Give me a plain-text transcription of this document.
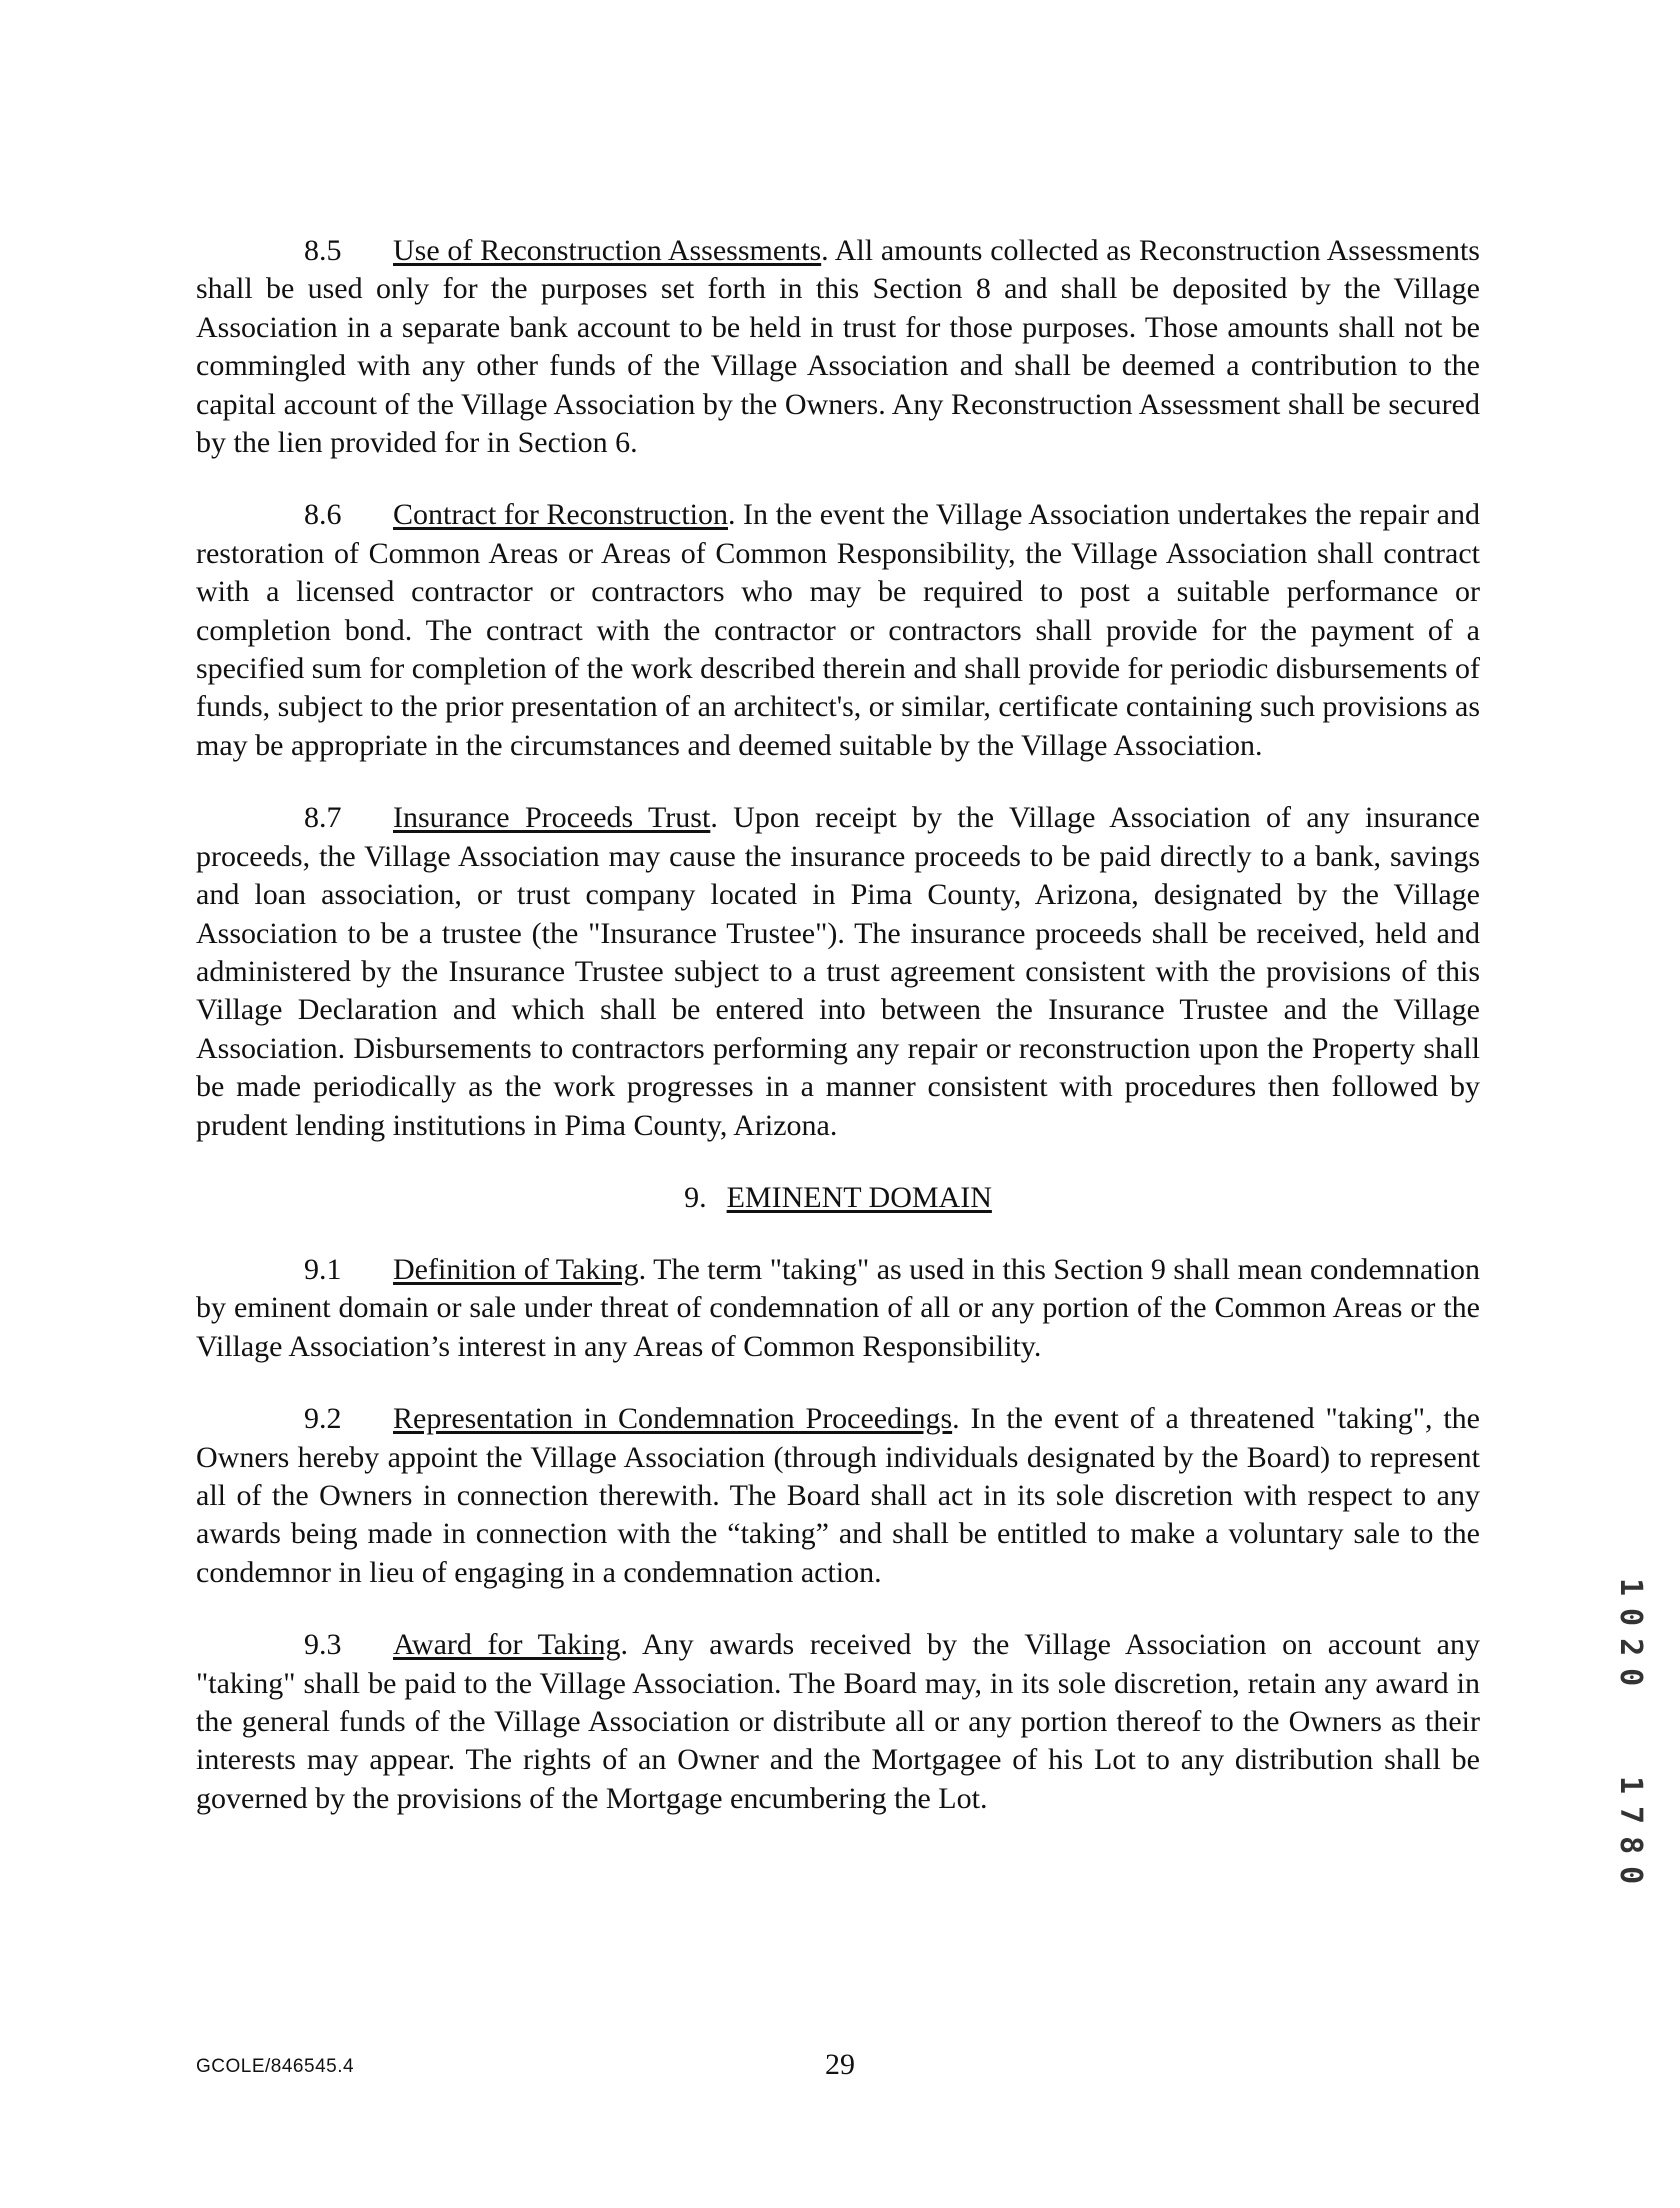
8.5 Use of Reconstruction Assessments. All amounts collected as Reconstruction Assessments shall be used only for the purposes set forth in this Section 8 and shall be deposited by the Village Association in a separate bank account to be held in trust for those purposes. Those amounts shall not be commingled with any other funds of the Village Association and shall be deemed a contribution to the capital account of the Village Association by the Owners. Any Reconstruction Assessment shall be secured by the lien provided for in Section 6.

8.6 Contract for Reconstruction. In the event the Village Association undertakes the repair and restoration of Common Areas or Areas of Common Responsibility, the Village Association shall contract with a licensed contractor or contractors who may be required to post a suitable performance or completion bond. The contract with the contractor or contractors shall provide for the payment of a specified sum for completion of the work described therein and shall provide for periodic disbursements of funds, subject to the prior presentation of an architect's, or similar, certificate containing such provisions as may be appropriate in the circumstances and deemed suitable by the Village Association.

8.7 Insurance Proceeds Trust. Upon receipt by the Village Association of any insurance proceeds, the Village Association may cause the insurance proceeds to be paid directly to a bank, savings and loan association, or trust company located in Pima County, Arizona, designated by the Village Association to be a trustee (the "Insurance Trustee"). The insurance proceeds shall be received, held and administered by the Insurance Trustee subject to a trust agreement consistent with the provisions of this Village Declaration and which shall be entered into between the Insurance Trustee and the Village Association. Disbursements to contractors performing any repair or reconstruction upon the Property shall be made periodically as the work progresses in a manner consistent with procedures then followed by prudent lending institutions in Pima County, Arizona.

9. EMINENT DOMAIN

9.1 Definition of Taking. The term "taking" as used in this Section 9 shall mean condemnation by eminent domain or sale under threat of condemnation of all or any portion of the Common Areas or the Village Association’s interest in any Areas of Common Responsibility.

9.2 Representation in Condemnation Proceedings. In the event of a threatened "taking", the Owners hereby appoint the Village Association (through individuals designated by the Board) to represent all of the Owners in connection therewith. The Board shall act in its sole discretion with respect to any awards being made in connection with the “taking” and shall be entitled to make a voluntary sale to the condemnor in lieu of engaging in a condemnation action.

9.3 Award for Taking. Any awards received by the Village Association on account any "taking" shall be paid to the Village Association. The Board may, in its sole discretion, retain any award in the general funds of the Village Association or distribute all or any portion thereof to the Owners as their interests may appear. The rights of an Owner and the Mortgagee of his Lot to any distribution shall be governed by the provisions of the Mortgage encumbering the Lot.

1020
1780
GCOLE/846545.4	29
